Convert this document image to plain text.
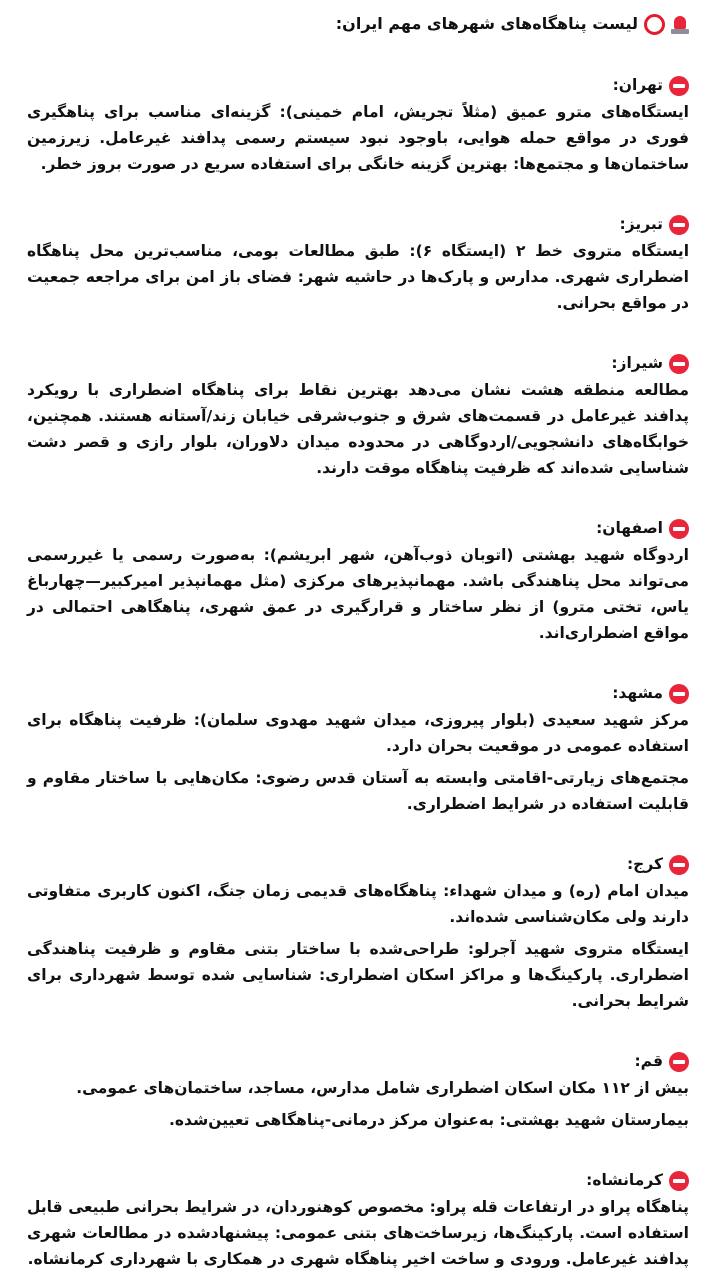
لیست پناهگاه‌های شهرهای مهم ایران:
تهران:

ایستگاه‌های مترو عمیق (مثلاً تجریش، امام خمینی): گزینه‌ای مناسب برای پناهگیری فوری در مواقع حمله هوایی، باوجود نبود سیستم رسمی پدافند غیرعامل. زیرزمین ساختمان‌ها و مجتمع‌ها: بهترین گزینه خانگی برای استفاده سریع در صورت بروز خطر.

تبریز:

ایستگاه متروی خط ۲ (ایستگاه ۶): طبق مطالعات بومی، مناسب‌ترین محل پناهگاه اضطراری شهری. مدارس و پارک‌ها در حاشیه شهر: فضای باز امن برای مراجعه جمعیت در مواقع بحرانی.

شیراز:

مطالعه منطقه هشت نشان می‌دهد بهترین نقاط برای پناهگاه اضطراری با رویکرد پدافند غیرعامل در قسمت‌های شرق و جنوب‌شرقی خیابان زند/آستانه هستند. همچنین، خوابگاه‌های دانشجویی/اردوگاهی در محدوده میدان دلاوران، بلوار رازی و قصر دشت شناسایی شده‌اند که ظرفیت پناهگاه موقت دارند.

اصفهان:

اردوگاه شهید بهشتی (اتوبان ذوب‌آهن، شهر ابریشم): به‌صورت رسمی یا غیررسمی می‌تواند محل پناهندگی باشد. مهمانپذیرهای مرکزی (مثل مهمانپذیر امیرکبیر—چهارباغ یاس، تختی مترو) از نظر ساختار و قرارگیری در عمق شهری، پناهگاهی احتمالی در مواقع اضطراری‌اند.

مشهد:

مرکز شهید سعیدی (بلوار پیروزی، میدان شهید مهدوی سلمان): ظرفیت پناهگاه برای استفاده عمومی در موقعیت بحران دارد.

مجتمع‌های زیارتی-اقامتی وابسته به آستان قدس رضوی: مکان‌هایی با ساختار مقاوم و قابلیت استفاده در شرایط اضطراری.

کرج:

میدان امام (ره) و میدان شهداء: پناهگاه‌های قدیمی زمان جنگ، اکنون کاربری متفاوتی دارند ولی مکان‌شناسی شده‌اند.

ایستگاه متروی شهید آجرلو: طراحی‌شده با ساختار بتنی مقاوم و ظرفیت پناهندگی اضطراری. پارکینگ‌ها و مراکز اسکان اضطراری: شناسایی شده توسط شهرداری برای شرایط بحرانی.

قم:

بیش از ۱۱۲ مکان اسکان اضطراری شامل مدارس، مساجد، ساختمان‌های عمومی.

بیمارستان شهید بهشتی: به‌عنوان مرکز درمانی-پناهگاهی تعیین‌شده.

کرمانشاه:

پناهگاه پراو در ارتفاعات قله پراو: مخصوص کوهنوردان، در شرایط بحرانی طبیعی قابل استفاده است. پارکینگ‌ها، زیرساخت‌های بتنی عمومی: پیشنهادشده در مطالعات شهری پدافند غیرعامل. ورودی و ساخت اخیر پناهگاه شهری در همکاری با شهرداری کرمانشاه.
